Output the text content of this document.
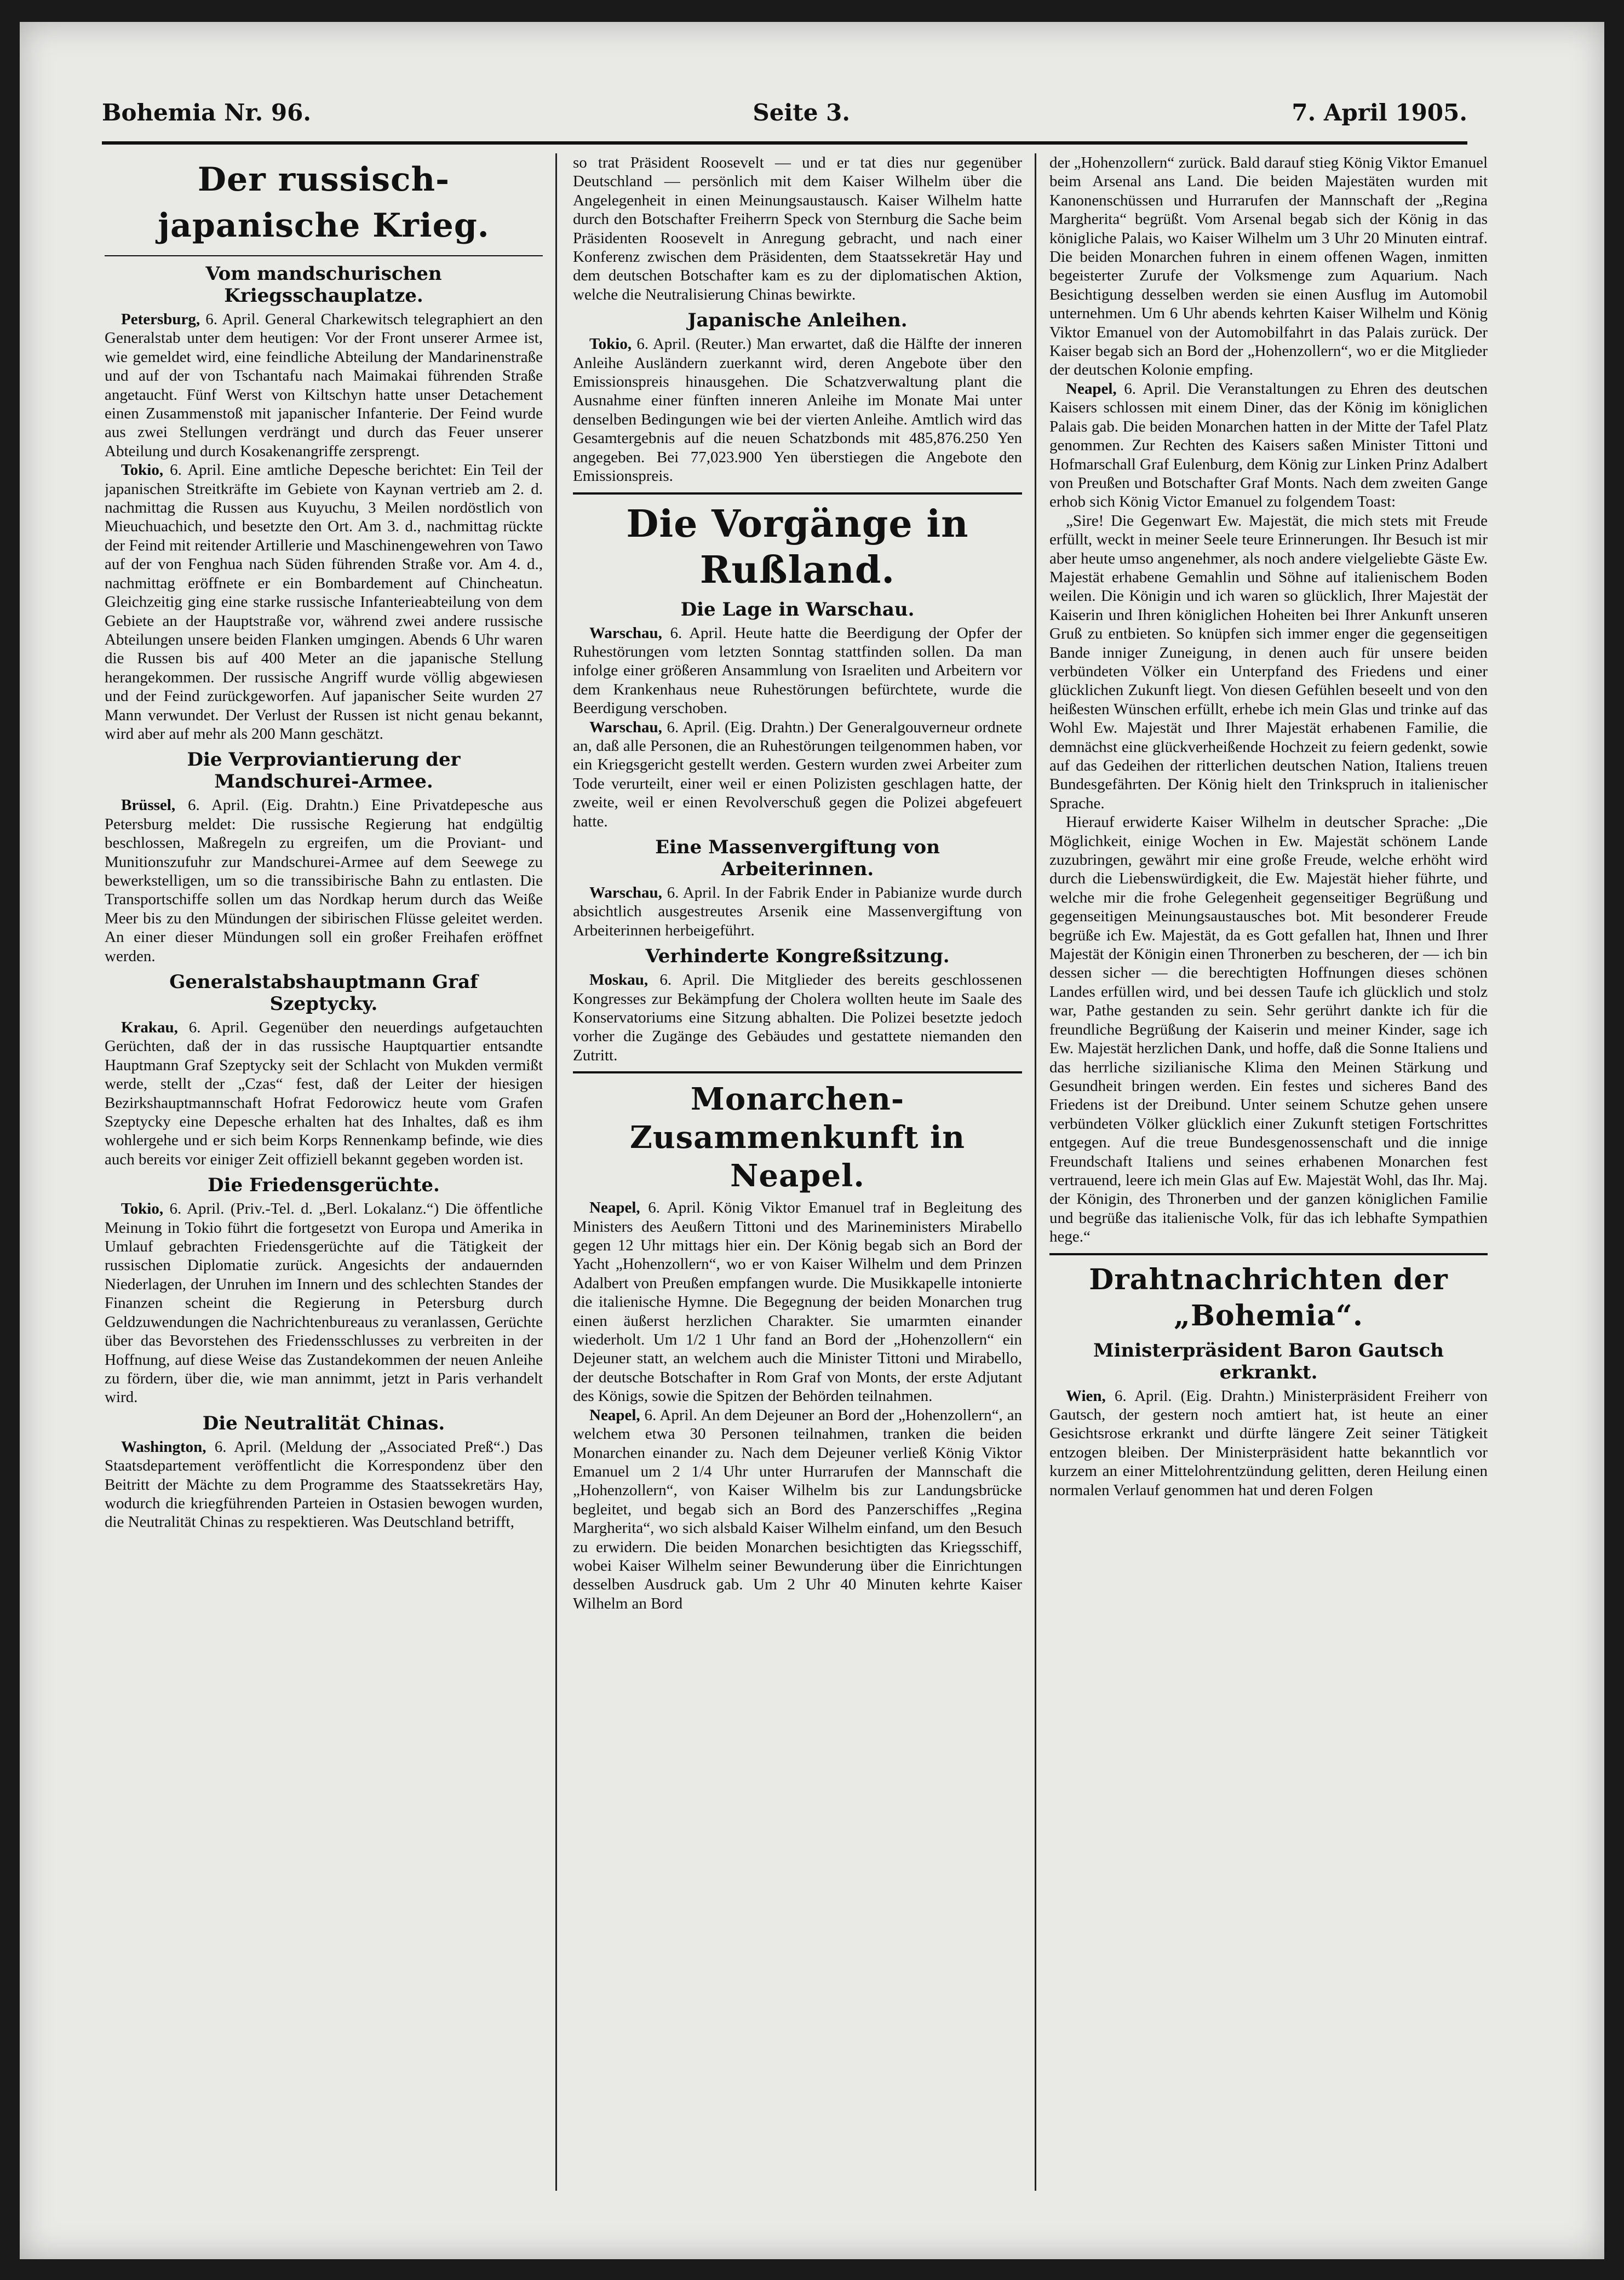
Bohemia Nr. 96.	Seite 3.	7. April 1905.
Der russisch-japanische Krieg.
Vom mandschurischen Kriegsschauplatze.

Petersburg, 6. April. General Charkewitsch telegraphiert an den Generalstab unter dem heutigen: Vor der Front unserer Armee ist, wie gemeldet wird, eine feindliche Abteilung der Mandarinenstraße und auf der von Tschantafu nach Maimakai führenden Straße angetaucht. Fünf Werst von Kiltschyn hatte unser Detachement einen Zusammenstoß mit japanischer Infanterie. Der Feind wurde aus zwei Stellungen verdrängt und durch das Feuer unserer Abteilung und durch Kosakenangriffe zersprengt.

Tokio, 6. April. Eine amtliche Depesche berichtet: Ein Teil der japanischen Streitkräfte im Gebiete von Kaynan vertrieb am 2. d. nachmittag die Russen aus Kuyuchu, 3 Meilen nordöstlich von Mieuchuachich, und besetzte den Ort. Am 3. d., nachmittag rückte der Feind mit reitender Artillerie und Maschinengewehren von Tawo auf der von Fenghua nach Süden führenden Straße vor. Am 4. d., nachmittag eröffnete er ein Bombardement auf Chincheatun. Gleichzeitig ging eine starke russische Infanterieabteilung von dem Gebiete an der Hauptstraße vor, während zwei andere russische Abteilungen unsere beiden Flanken umgingen. Abends 6 Uhr waren die Russen bis auf 400 Meter an die japanische Stellung herangekommen. Der russische Angriff wurde völlig abgewiesen und der Feind zurückgeworfen. Auf japanischer Seite wurden 27 Mann verwundet. Der Verlust der Russen ist nicht genau bekannt, wird aber auf mehr als 200 Mann geschätzt.

Die Verproviantierung der Mandschurei-Armee.

Brüssel, 6. April. (Eig. Drahtn.) Eine Privatdepesche aus Petersburg meldet: Die russische Regierung hat endgültig beschlossen, Maßregeln zu ergreifen, um die Proviant- und Munitionszufuhr zur Mandschurei-Armee auf dem Seewege zu bewerkstelligen, um so die transsibirische Bahn zu entlasten. Die Transportschiffe sollen um das Nordkap herum durch das Weiße Meer bis zu den Mündungen der sibirischen Flüsse geleitet werden. An einer dieser Mündungen soll ein großer Freihafen eröffnet werden.

Generalstabshauptmann Graf Szeptycky.

Krakau, 6. April. Gegenüber den neuerdings aufgetauchten Gerüchten, daß der in das russische Hauptquartier entsandte Hauptmann Graf Szeptycky seit der Schlacht von Mukden vermißt werde, stellt der „Czas“ fest, daß der Leiter der hiesigen Bezirkshauptmannschaft Hofrat Fedorowicz heute vom Grafen Szeptycky eine Depesche erhalten hat des Inhaltes, daß es ihm wohlergehe und er sich beim Korps Rennenkamp befinde, wie dies auch bereits vor einiger Zeit offiziell bekannt gegeben worden ist.

Die Friedensgerüchte.

Tokio, 6. April. (Priv.-Tel. d. „Berl. Lokalanz.“) Die öffentliche Meinung in Tokio führt die fortgesetzt von Europa und Amerika in Umlauf gebrachten Friedensgerüchte auf die Tätigkeit der russischen Diplomatie zurück. Angesichts der andauernden Niederlagen, der Unruhen im Innern und des schlechten Standes der Finanzen scheint die Regierung in Petersburg durch Geldzuwendungen die Nachrichtenbureaus zu veranlassen, Gerüchte über das Bevorstehen des Friedensschlusses zu verbreiten in der Hoffnung, auf diese Weise das Zustandekommen der neuen Anleihe zu fördern, über die, wie man annimmt, jetzt in Paris verhandelt wird.

Die Neutralität Chinas.

Washington, 6. April. (Meldung der „Associated Preß“.) Das Staatsdepartement veröffentlicht die Korrespondenz über den Beitritt der Mächte zu dem Programme des Staatssekretärs Hay, wodurch die kriegführenden Parteien in Ostasien bewogen wurden, die Neutralität Chinas zu respektieren. Was Deutschland betrifft,

so trat Präsident Roosevelt — und er tat dies nur gegenüber Deutschland — persönlich mit dem Kaiser Wilhelm über die Angelegenheit in einen Meinungsaustausch. Kaiser Wilhelm hatte durch den Botschafter Freiherrn Speck von Sternburg die Sache beim Präsidenten Roosevelt in Anregung gebracht, und nach einer Konferenz zwischen dem Präsidenten, dem Staatssekretär Hay und dem deutschen Botschafter kam es zu der diplomatischen Aktion, welche die Neutralisierung Chinas bewirkte.

Japanische Anleihen.

Tokio, 6. April. (Reuter.) Man erwartet, daß die Hälfte der inneren Anleihe Ausländern zuerkannt wird, deren Angebote über den Emissionspreis hinausgehen. Die Schatzverwaltung plant die Ausnahme einer fünften inneren Anleihe im Monate Mai unter denselben Bedingungen wie bei der vierten Anleihe. Amtlich wird das Gesamtergebnis auf die neuen Schatzbonds mit 485,876.250 Yen angegeben. Bei 77,023.900 Yen überstiegen die Angebote den Emissionspreis.

Die Vorgänge in Rußland.
Die Lage in Warschau.

Warschau, 6. April. Heute hatte die Beerdigung der Opfer der Ruhestörungen vom letzten Sonntag stattfinden sollen. Da man infolge einer größeren Ansammlung von Israeliten und Arbeitern vor dem Krankenhaus neue Ruhestörungen befürchtete, wurde die Beerdigung verschoben.

Warschau, 6. April. (Eig. Drahtn.) Der Generalgouverneur ordnete an, daß alle Personen, die an Ruhestörungen teilgenommen haben, vor ein Kriegsgericht gestellt werden. Gestern wurden zwei Arbeiter zum Tode verurteilt, einer weil er einen Polizisten geschlagen hatte, der zweite, weil er einen Revolverschuß gegen die Polizei abgefeuert hatte.

Eine Massenvergiftung von Arbeiterinnen.

Warschau, 6. April. In der Fabrik Ender in Pabianize wurde durch absichtlich ausgestreutes Arsenik eine Massenvergiftung von Arbeiterinnen herbeigeführt.

Verhinderte Kongreßsitzung.

Moskau, 6. April. Die Mitglieder des bereits geschlossenen Kongresses zur Bekämpfung der Cholera wollten heute im Saale des Konservatoriums eine Sitzung abhalten. Die Polizei besetzte jedoch vorher die Zugänge des Gebäudes und gestattete niemanden den Zutritt.

Monarchen-Zusammenkunft in Neapel.

Neapel, 6. April. König Viktor Emanuel traf in Begleitung des Ministers des Aeußern Tittoni und des Marineministers Mirabello gegen 12 Uhr mittags hier ein. Der König begab sich an Bord der Yacht „Hohenzollern“, wo er von Kaiser Wilhelm und dem Prinzen Adalbert von Preußen empfangen wurde. Die Musikkapelle intonierte die italienische Hymne. Die Begegnung der beiden Monarchen trug einen äußerst herzlichen Charakter. Sie umarmten einander wiederholt. Um 1/2 1 Uhr fand an Bord der „Hohenzollern“ ein Dejeuner statt, an welchem auch die Minister Tittoni und Mirabello, der deutsche Botschafter in Rom Graf von Monts, der erste Adjutant des Königs, sowie die Spitzen der Behörden teilnahmen.

Neapel, 6. April. An dem Dejeuner an Bord der „Hohenzollern“, an welchem etwa 30 Personen teilnahmen, tranken die beiden Monarchen einander zu. Nach dem Dejeuner verließ König Viktor Emanuel um 2 1/4 Uhr unter Hurrarufen der Mannschaft die „Hohenzollern“, von Kaiser Wilhelm bis zur Landungsbrücke begleitet, und begab sich an Bord des Panzerschiffes „Regina Margherita“, wo sich alsbald Kaiser Wilhelm einfand, um den Besuch zu erwidern. Die beiden Monarchen besichtigten das Kriegsschiff, wobei Kaiser Wilhelm seiner Bewunderung über die Einrichtungen desselben Ausdruck gab. Um 2 Uhr 40 Minuten kehrte Kaiser Wilhelm an Bord

der „Hohenzollern“ zurück. Bald darauf stieg König Viktor Emanuel beim Arsenal ans Land. Die beiden Majestäten wurden mit Kanonenschüssen und Hurrarufen der Mannschaft der „Regina Margherita“ begrüßt. Vom Arsenal begab sich der König in das königliche Palais, wo Kaiser Wilhelm um 3 Uhr 20 Minuten eintraf. Die beiden Monarchen fuhren in einem offenen Wagen, inmitten begeisterter Zurufe der Volksmenge zum Aquarium. Nach Besichtigung desselben werden sie einen Ausflug im Automobil unternehmen. Um 6 Uhr abends kehrten Kaiser Wilhelm und König Viktor Emanuel von der Automobilfahrt in das Palais zurück. Der Kaiser begab sich an Bord der „Hohenzollern“, wo er die Mitglieder der deutschen Kolonie empfing.

Neapel, 6. April. Die Veranstaltungen zu Ehren des deutschen Kaisers schlossen mit einem Diner, das der König im königlichen Palais gab. Die beiden Monarchen hatten in der Mitte der Tafel Platz genommen. Zur Rechten des Kaisers saßen Minister Tittoni und Hofmarschall Graf Eulenburg, dem König zur Linken Prinz Adalbert von Preußen und Botschafter Graf Monts. Nach dem zweiten Gange erhob sich König Victor Emanuel zu folgendem Toast:

„Sire! Die Gegenwart Ew. Majestät, die mich stets mit Freude erfüllt, weckt in meiner Seele teure Erinnerungen. Ihr Besuch ist mir aber heute umso angenehmer, als noch andere vielgeliebte Gäste Ew. Majestät erhabene Gemahlin und Söhne auf italienischem Boden weilen. Die Königin und ich waren so glücklich, Ihrer Majestät der Kaiserin und Ihren königlichen Hoheiten bei Ihrer Ankunft unseren Gruß zu entbieten. So knüpfen sich immer enger die gegenseitigen Bande inniger Zuneigung, in denen auch für unsere beiden verbündeten Völker ein Unterpfand des Friedens und einer glücklichen Zukunft liegt. Von diesen Gefühlen beseelt und von den heißesten Wünschen erfüllt, erhebe ich mein Glas und trinke auf das Wohl Ew. Majestät und Ihrer Majestät erhabenen Familie, die demnächst eine glückverheißende Hochzeit zu feiern gedenkt, sowie auf das Gedeihen der ritterlichen deutschen Nation, Italiens treuen Bundesgefährten. Der König hielt den Trinkspruch in italienischer Sprache.

Hierauf erwiderte Kaiser Wilhelm in deutscher Sprache: „Die Möglichkeit, einige Wochen in Ew. Majestät schönem Lande zuzubringen, gewährt mir eine große Freude, welche erhöht wird durch die Liebenswürdigkeit, die Ew. Majestät hieher führte, und welche mir die frohe Gelegenheit gegenseitiger Begrüßung und gegenseitigen Meinungsaustausches bot. Mit besonderer Freude begrüße ich Ew. Majestät, da es Gott gefallen hat, Ihnen und Ihrer Majestät der Königin einen Thronerben zu bescheren, der — ich bin dessen sicher — die berechtigten Hoffnungen dieses schönen Landes erfüllen wird, und bei dessen Taufe ich glücklich und stolz war, Pathe gestanden zu sein. Sehr gerührt dankte ich für die freundliche Begrüßung der Kaiserin und meiner Kinder, sage ich Ew. Majestät herzlichen Dank, und hoffe, daß die Sonne Italiens und das herrliche sizilianische Klima den Meinen Stärkung und Gesundheit bringen werden. Ein festes und sicheres Band des Friedens ist der Dreibund. Unter seinem Schutze gehen unsere verbündeten Völker glücklich einer Zukunft stetigen Fortschrittes entgegen. Auf die treue Bundesgenossenschaft und die innige Freundschaft Italiens und seines erhabenen Monarchen fest vertrauend, leere ich mein Glas auf Ew. Majestät Wohl, das Ihr. Maj. der Königin, des Thronerben und der ganzen königlichen Familie und begrüße das italienische Volk, für das ich lebhafte Sympathien hege.“

Drahtnachrichten der „Bohemia“.
Ministerpräsident Baron Gautsch erkrankt.

Wien, 6. April. (Eig. Drahtn.) Ministerpräsident Freiherr von Gautsch, der gestern noch amtiert hat, ist heute an einer Gesichtsrose erkrankt und dürfte längere Zeit seiner Tätigkeit entzogen bleiben. Der Ministerpräsident hatte bekanntlich vor kurzem an einer Mittelohrentzündung gelitten, deren Heilung einen normalen Verlauf genommen hat und deren Folgen
